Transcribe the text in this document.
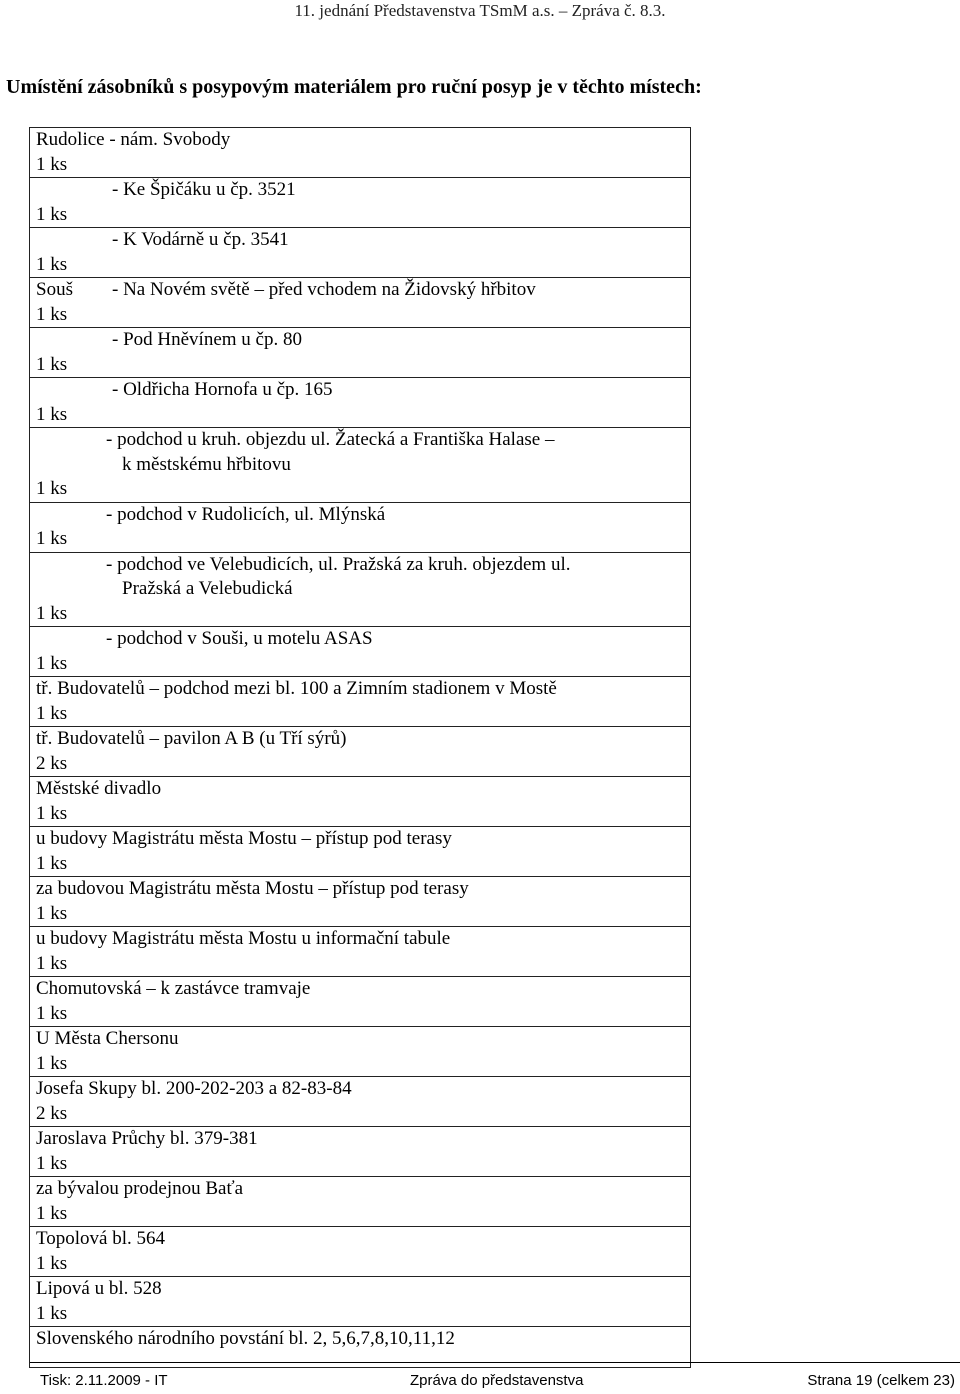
11. jednání Představenstva TSmM a.s. – Zpráva č. 8.3.
Umístění zásobníků s posypovým materiálem pro ruční posyp je v těchto místech:
Rudolice - nám. Svobody
1 ks

- Ke Špičáku u čp. 3521
1 ks

- K Vodárně u čp. 3541
1 ks

Souš - Na Novém světě – před vchodem na Židovský hřbitov
1 ks

- Pod Hněvínem u čp. 80
1 ks

- Oldřicha Hornofa u čp. 165
1 ks

- podchod u kruh. objezdu ul. Žatecká a Františka Halase –
k městskému hřbitovu
1 ks

- podchod v Rudolicích, ul. Mlýnská
1 ks

- podchod ve Velebudicích, ul. Pražská za kruh. objezdem ul.
Pražská a Velebudická
1 ks

- podchod v Souši, u motelu ASAS
1 ks

tř. Budovatelů – podchod mezi bl. 100 a Zimním stadionem v Mostě
1 ks

tř. Budovatelů – pavilon A B (u Tří sýrů)
2 ks

Městské divadlo
1 ks

u budovy Magistrátu města Mostu – přístup pod terasy
1 ks

za budovou Magistrátu města Mostu – přístup pod terasy
1 ks

u budovy Magistrátu města Mostu u informační tabule
1 ks

Chomutovská – k zastávce tramvaje
1 ks

U Města Chersonu
1 ks

Josefa Skupy bl. 200-202-203 a 82-83-84
2 ks

Jaroslava Průchy bl. 379-381
1 ks

za bývalou prodejnou Baťa
1 ks

Topolová bl. 564
1 ks

Lipová u bl. 528
1 ks

Slovenského národního povstání bl. 2, 5,6,7,8,10,11,12
Tisk: 2.11.2009 - IT	Zpráva do představenstva	Strana 19 (celkem 23)
